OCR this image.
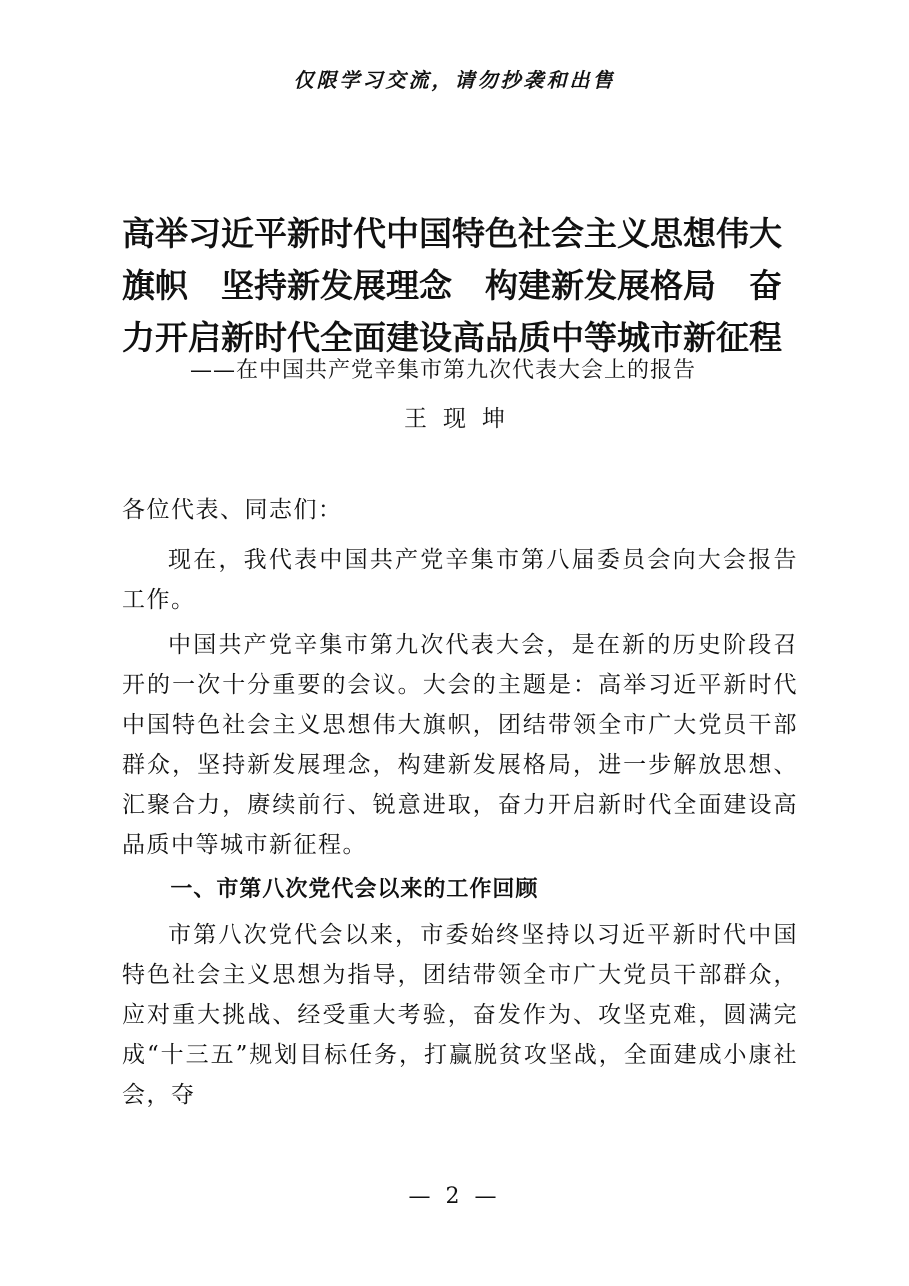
仅限学习交流，请勿抄袭和出售
高举习近平新时代中国特色社会主义思想伟大
旗帜　坚持新发展理念　构建新发展格局　奋
力开启新时代全面建设高品质中等城市新征程
——在中国共产党辛集市第九次代表大会上的报告
王现坤

各位代表、同志们：

现在，我代表中国共产党辛集市第八届委员会向大会报告工作。

中国共产党辛集市第九次代表大会，是在新的历史阶段召开的一次十分重要的会议。大会的主题是：高举习近平新时代中国特色社会主义思想伟大旗帜，团结带领全市广大党员干部群众，坚持新发展理念，构建新发展格局，进一步解放思想、汇聚合力，赓续前行、锐意进取，奋力开启新时代全面建设高品质中等城市新征程。

一、市第八次党代会以来的工作回顾

市第八次党代会以来，市委始终坚持以习近平新时代中国特色社会主义思想为指导，团结带领全市广大党员干部群众，应对重大挑战、经受重大考验，奋发作为、攻坚克难，圆满完成“十三五”规划目标任务，打赢脱贫攻坚战，全面建成小康社会，夺

— 2 —
